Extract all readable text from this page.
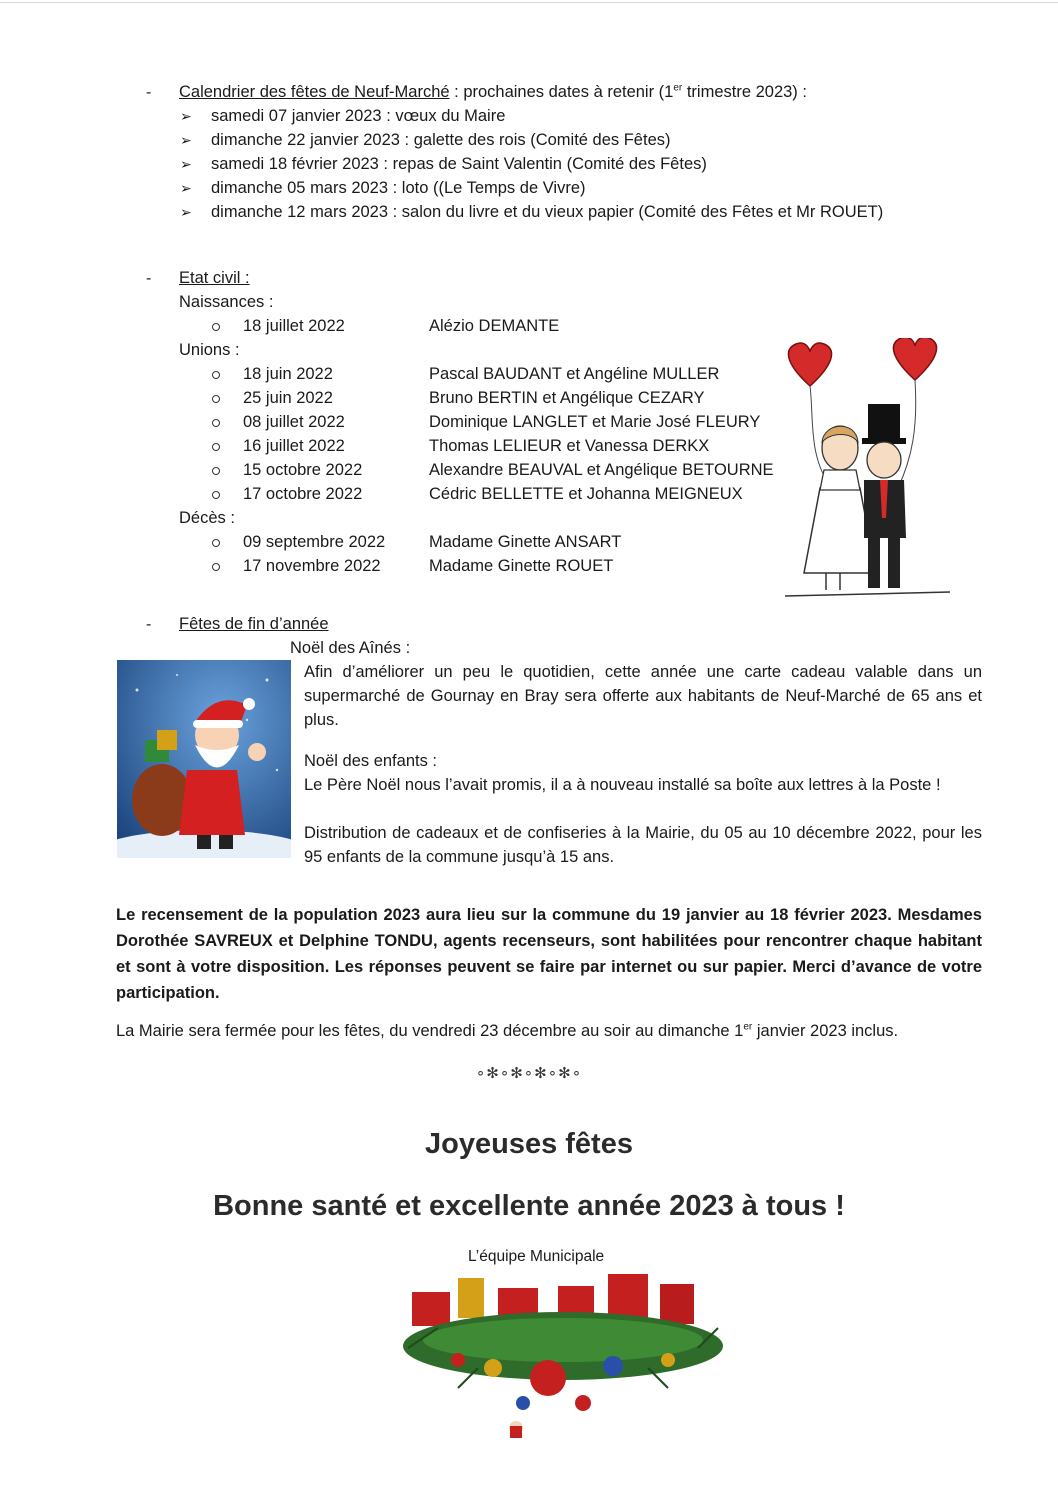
- Calendrier des fêtes de Neuf-Marché : prochaines dates à retenir (1er trimestre 2023) :
➢ samedi 07 janvier 2023 : vœux du Maire
➢ dimanche 22 janvier 2023 : galette des rois (Comité des Fêtes)
➢ samedi 18 février 2023 : repas de Saint Valentin (Comité des Fêtes)
➢ dimanche 05 mars 2023 : loto ((Le Temps de Vivre)
➢ dimanche 12 mars 2023 : salon du livre et du vieux papier (Comité des Fêtes et Mr ROUET)
- Etat civil :
Naissances :
18 juillet 2022	Alézio DEMANTE
Unions :
18 juin 2022	Pascal BAUDANT et Angéline MULLER
25 juin 2022	Bruno BERTIN et Angélique CEZARY
08 juillet 2022	Dominique LANGLET et Marie José FLEURY
16 juillet 2022	Thomas LELIEUR et Vanessa DERKX
15 octobre 2022	Alexandre BEAUVAL et Angélique BETOURNE
17 octobre 2022	Cédric BELLETTE et Johanna MEIGNEUX
Décès :
09 septembre 2022	Madame Ginette ANSART
17 novembre 2022	Madame Ginette ROUET
- Fêtes de fin d’année
Noël des Aînés :
Afin d’améliorer un peu le quotidien, cette année une carte cadeau valable dans un supermarché de Gournay en Bray sera offerte aux habitants de Neuf-Marché de 65 ans et plus.
Noël des enfants :
Le Père Noël nous l’avait promis, il a à nouveau installé sa boîte aux lettres à la Poste !
Distribution de cadeaux et de confiseries à la Mairie, du 05 au 10 décembre 2022, pour les 95 enfants de la commune jusqu’à 15 ans.
Le recensement de la population 2023 aura lieu sur la commune du 19 janvier au 18 février 2023. Mesdames Dorothée SAVREUX et Delphine TONDU, agents recenseurs, sont habilitées pour rencontrer chaque habitant et sont à votre disposition. Les réponses peuvent se faire par internet ou sur papier. Merci d’avance de votre participation.
La Mairie sera fermée pour les fêtes, du vendredi 23 décembre au soir au dimanche 1er janvier 2023 inclus.
∘✻∘✻∘✻∘✻∘
Joyeuses fêtes
Bonne santé et excellente année 2023 à tous !
L’équipe Municipale
